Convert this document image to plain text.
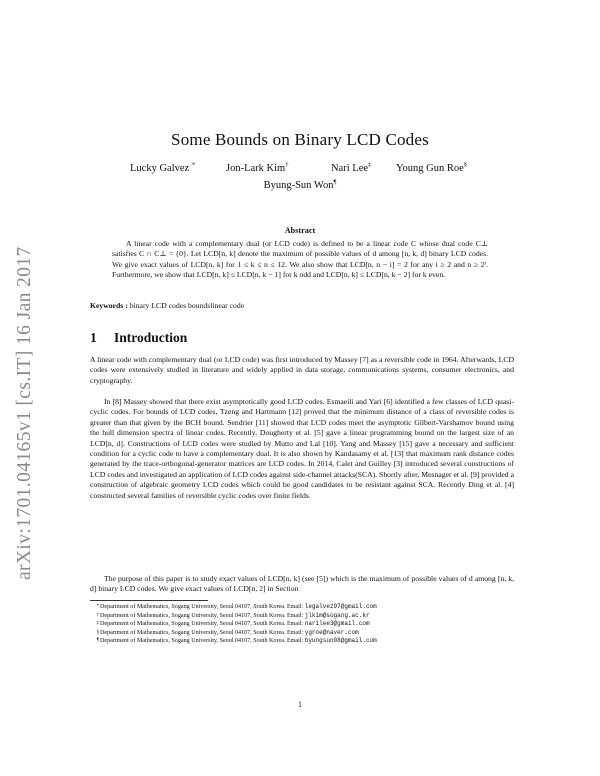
arXiv:1701.04165v1 [cs.IT] 16 Jan 2017
Some Bounds on Binary LCD Codes
Lucky Galvez *	Jon-Lark Kim†	Nari Lee‡ Young Gun Roe§
Byung-Sun Won¶
Abstract
A linear code with a complementary dual (or LCD code) is defined to be a linear code C whose dual code C⊥ satisfies C ∩ C⊥ = {0}. Let LCD[n, k] denote the maximum of possible values of d among [n, k, d] binary LCD codes. We give exact values of LCD[n, k] for 1 ≤ k ≤ n ≤ 12. We also show that LCD[n, n − i] = 2 for any i ≥ 2 and n ≥ 2ⁱ. Furthermore, we show that LCD[n, k] ≤ LCD[n, k − 1] for k odd and LCD[n, k] ≤ LCD[n, k − 2] for k even.
Keywords : binary LCD codes boundslinear code
1 Introduction
A linear code with complementary dual (or LCD code) was first introduced by Massey [7] as a reversible code in 1964. Afterwards, LCD codes were extensively studied in literature and widely applied in data storage, communications systems, consumer electronics, and cryptography.
In [8] Massey showed that there exist asymptotically good LCD codes. Esmaeili and Yari [6] identified a few classes of LCD quasi-cyclic codes. For bounds of LCD codes, Tzeng and Hartmann [12] proved that the minimum distance of a class of reversible codes is greater than that given by the BCH bound. Sendrier [11] showed that LCD codes meet the asymptotic Gilbert-Varshamov bound using the hull dimension spectra of linear codes. Recently, Dougherty et al. [5] gave a linear programming bound on the largest size of an LCD[n, d]. Constructions of LCD codes were studied by Mutto and Lal [10]. Yang and Massey [15] gave a necessary and sufficient condition for a cyclic code to have a complementary dual. It is also shown by Kandasamy et al. [13] that maximum rank distance codes generated by the trace-orthogonal-generator matrices are LCD codes. In 2014, Calet and Guilley [3] introduced several constructions of LCD codes and investigated an application of LCD codes against side-channel attacks(SCA). Shortly after, Mesnager et al. [9] provided a construction of algebraic geometry LCD codes which could be good candidates to be resistant against SCA. Recently Ding et al. [4] constructed several families of reversible cyclic codes over finite fields.
The purpose of this paper is to study exact values of LCD[n, k] (see [5]) which is the maximum of possible values of d among [n, k, d] binary LCD codes. We give exact values of LCD[n, 2] in Section
*Department of Mathematics, Sogang University, Seoul 04107, South Korea. Email: legalvez97@gmail.com
†Department of Mathematics, Sogang University, Seoul 04107, South Korea. Email: jlkim@sogang.ac.kr
‡Department of Mathematics, Sogang University, Seoul 04107, South Korea. Email: narilee3@gmail.com
§Department of Mathematics, Sogang University, Seoul 04107, South Korea. Email: ygroe@naver.com
¶Department of Mathematics, Sogang University, Seoul 04107, South Korea. Email: byungsun08@gmail.com
1
